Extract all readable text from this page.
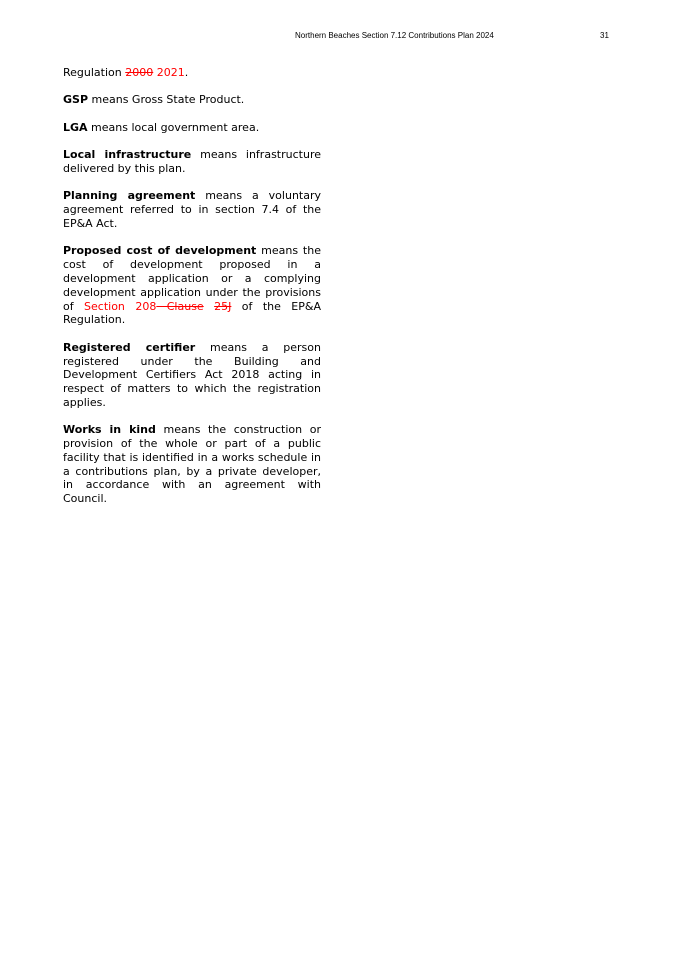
Northern Beaches Section 7.12 Contributions Plan 2024	31

Regulation 2000 2021.

GSP means Gross State Product.

LGA means local government area.

Local infrastructure means infrastructure delivered by this plan.

Planning agreement means a voluntary agreement referred to in section 7.4 of the EP&A Act.

Proposed cost of development means the cost of development proposed in a development application or a complying development application under the provisions of Section 208 Clause 25J of the EP&A Regulation.

Registered certifier means a person registered under the Building and Development Certifiers Act 2018 acting in respect of matters to which the registration applies.

Works in kind means the construction or provision of the whole or part of a public facility that is identified in a works schedule in a contributions plan, by a private developer, in accordance with an agreement with Council.
